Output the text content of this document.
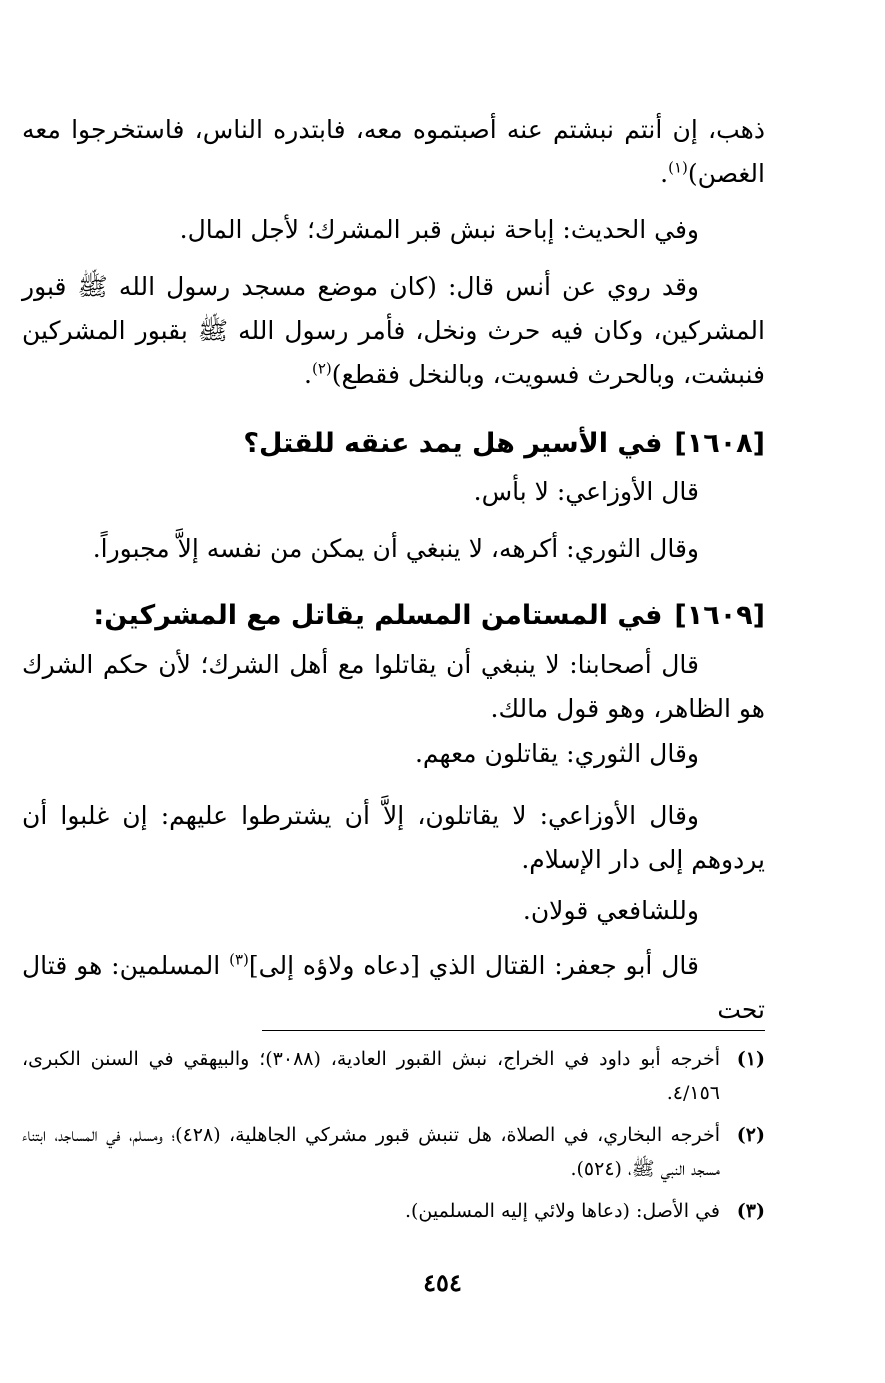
ذهب، إن أنتم نبشتم عنه أصبتموه معه، فابتدره الناس، فاستخرجوا معه الغصن)$^{(١)}$.

وفي الحديث: إباحة نبش قبر المشرك؛ لأجل المال.

وقد روي عن أنس قال: (كان موضع مسجد رسول الله ﷺ قبور المشركين، وكان فيه حرث ونخل، فأمر رسول الله ﷺ بقبور المشركين فنبشت، وبالحرث فسويت، وبالنخل فقطع)$^{(٢)}$.

[١٦٠٨]في الأسير هل يمد عنقه للقتل؟

قال الأوزاعي: لا بأس.

وقال الثوري: أكرهه، لا ينبغي أن يمكن من نفسه إلاَّ مجبوراً.

[١٦٠٩]في المستامن المسلم يقاتل مع المشركين:

قال أصحابنا: لا ينبغي أن يقاتلوا مع أهل الشرك؛ لأن حكم الشرك هو الظاهر، وهو قول مالك.

وقال الثوري: يقاتلون معهم.

وقال الأوزاعي: لا يقاتلون، إلاَّ أن يشترطوا عليهم: إن غلبوا أن يردوهم إلى دار الإسلام.

وللشافعي قولان.

قال أبو جعفر: القتال الذي [دعاه ولاؤه إلى]$^{(٣)}$ المسلمين: هو قتال تحت

(١)
أخرجه أبو داود في الخراج، نبش القبور العادية، (٣٠٨٨)؛ والبيهقي في السنن الكبرى، ٤/١٥٦.

(٢)
أخرجه البخاري، في الصلاة، هل تنبش قبور مشركي الجاهلية، (٤٢٨)؛ ومسلم، في المساجد، ابتناء مسجد النبي ﷺ، (٥٢٤).

(٣)
في الأصل: (دعاها ولائي إليه المسلمين).

٤٥٤
